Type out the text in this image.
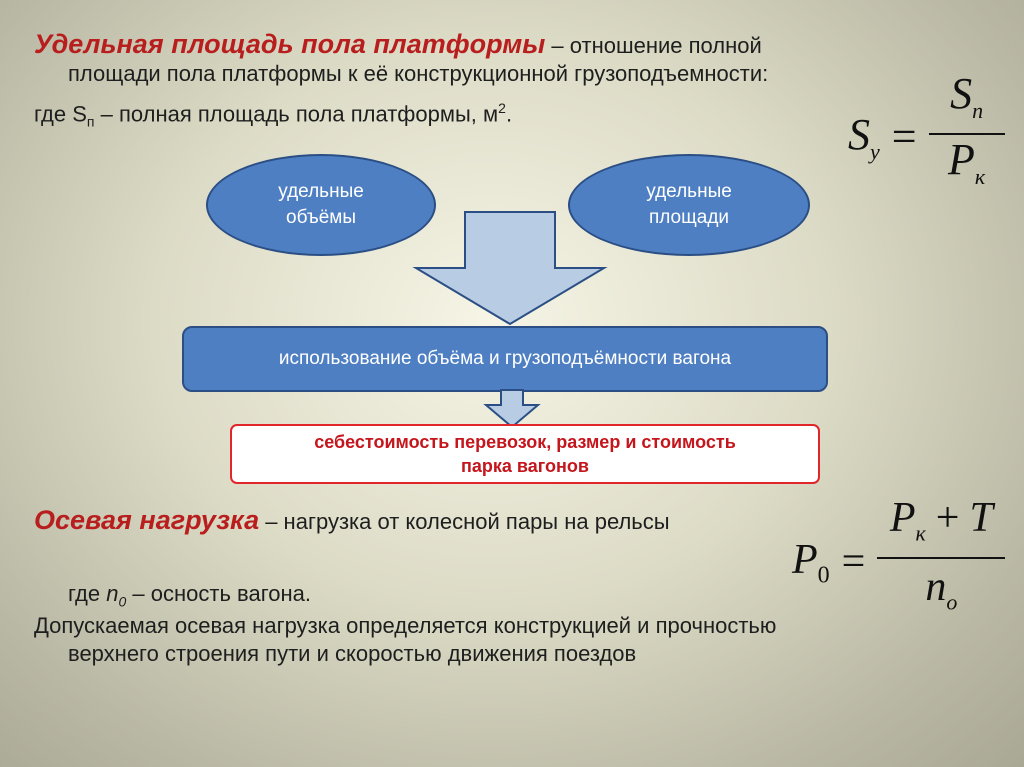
Удельная площадь пола платформы – отношение полной
площади пола платформы к её конструкционной грузоподъемности:
где $S_п$ – полная площадь пола платформы, $м^2$.	$S_у = \frac{S_п}{P_к}$
удельные
объёмы
удельные
площади
использование объёма и грузоподъёмности вагона
себестоимость перевозок, размер и стоимость
парка вагонов
Осевая нагрузка – нагрузка от колесной пары на рельсы
$P_0 = \frac{P_к + T}{n_о}$
где $n_0$ – осность вагона.
Допускаемая осевая нагрузка определяется конструкцией и прочностью
верхнего строения пути и скоростью движения поездов
